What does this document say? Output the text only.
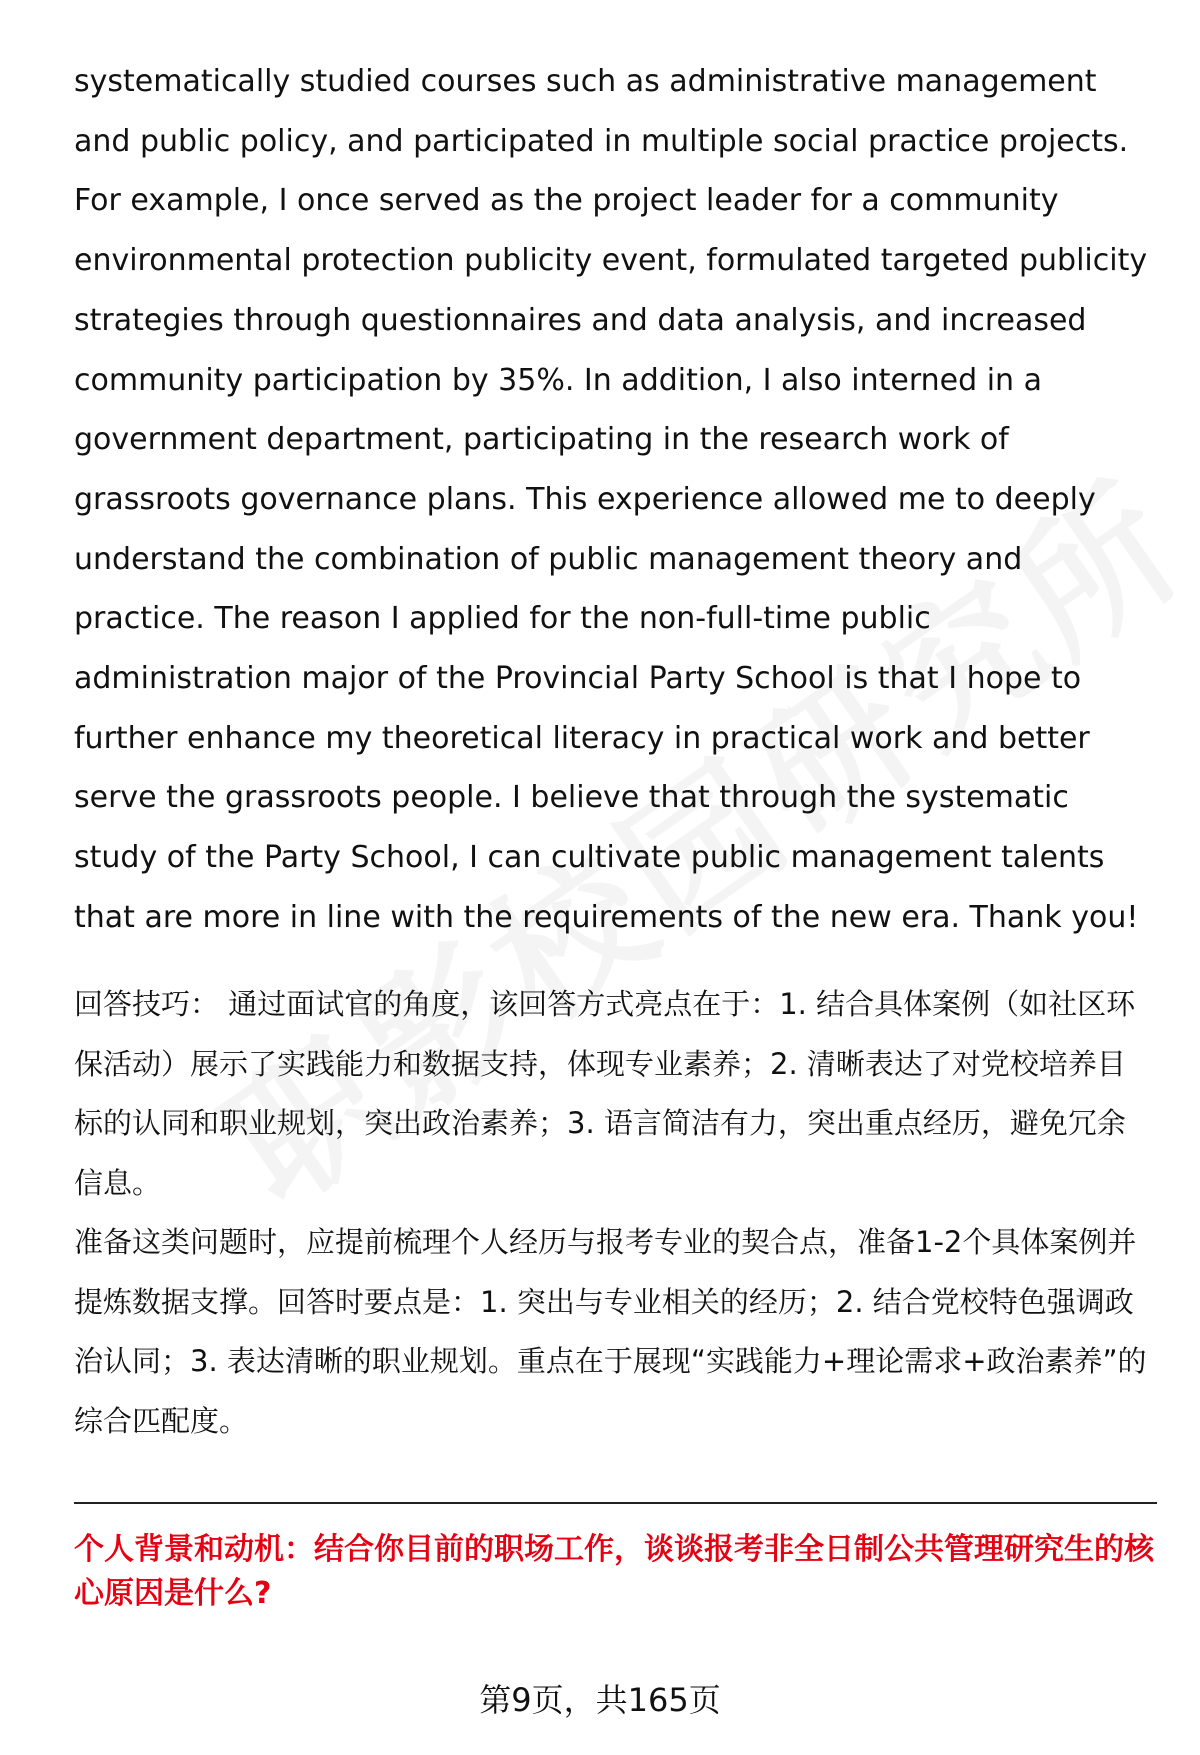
systematically studied courses such as administrative management and public policy, and participated in multiple social practice projects. For example, I once served as the project leader for a community environmental protection publicity event, formulated targeted publicity strategies through questionnaires and data analysis, and increased community participation by 35%. In addition, I also interned in a government department, participating in the research work of grassroots governance plans. This experience allowed me to deeply understand the combination of public management theory and practice. The reason I applied for the non-full-time public administration major of the Provincial Party School is that I hope to further enhance my theoretical literacy in practical work and better serve the grassroots people. I believe that through the systematic study of the Party School, I can cultivate public management talents that are more in line with the requirements of the new era. Thank you!

回答技巧： 通过面试官的角度，该回答方式亮点在于：1. 结合具体案例（如社区环保活动）展示了实践能力和数据支持，体现专业素养；2. 清晰表达了对党校培养目标的认同和职业规划，突出政治素养；3. 语言简洁有力，突出重点经历，避免冗余信息。

准备这类问题时，应提前梳理个人经历与报考专业的契合点，准备1-2个具体案例并提炼数据支撑。回答时要点是：1. 突出与专业相关的经历；2. 结合党校特色强调政治认同；3. 表达清晰的职业规划。重点在于展现“实践能力+理论需求+政治素养”的综合匹配度。

个人背景和动机：结合你目前的职场工作，谈谈报考非全日制公共管理研究生的核心原因是什么?

第9页，共165页
